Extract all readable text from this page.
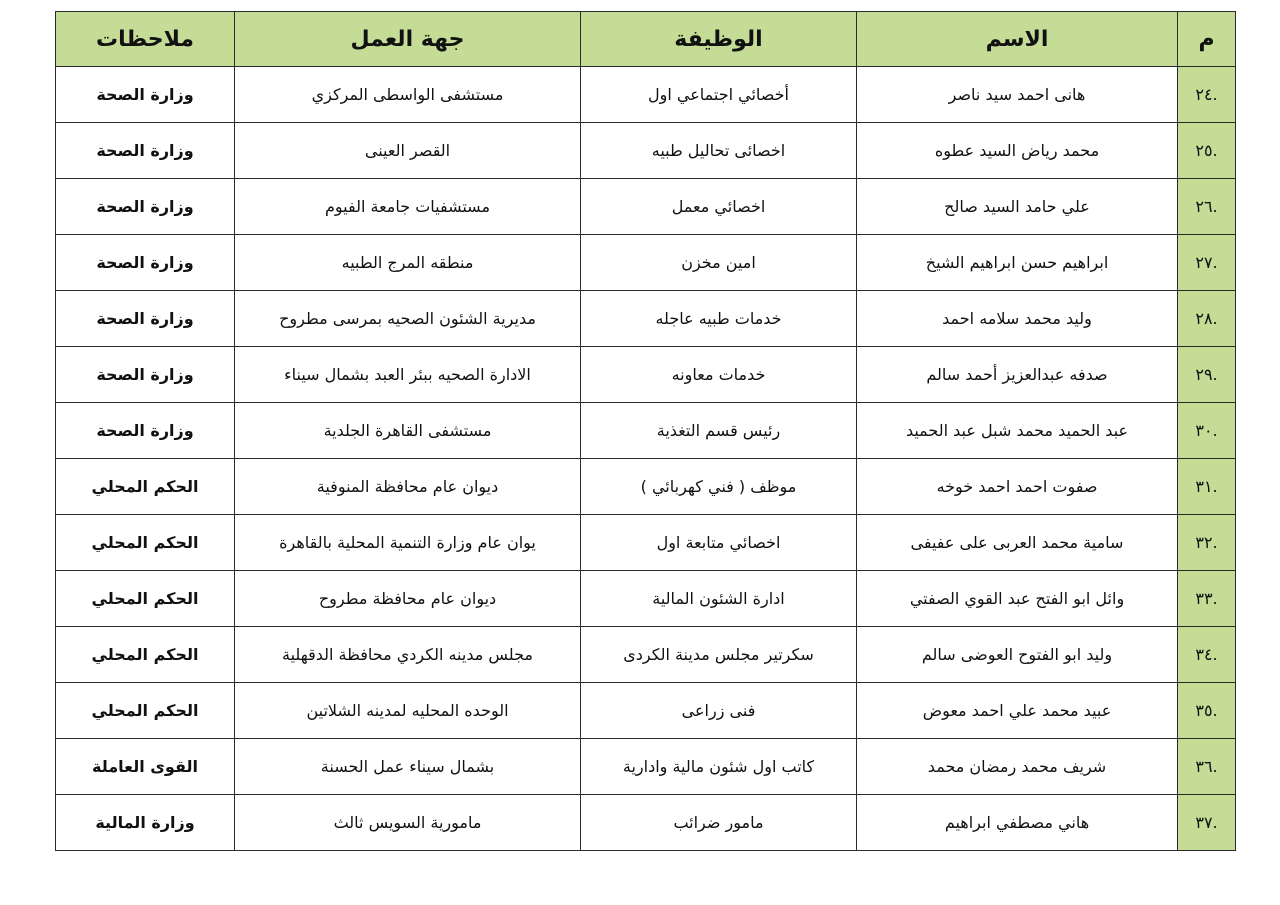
م	الاسم	الوظيفة	جهة العمل	ملاحظات
.٢٤	هانى احمد سيد ناصر	أخصائي اجتماعي اول	مستشفى الواسطى المركزي	وزارة الصحة
.٢٥	محمد رياض السيد عطوه	اخصائى تحاليل طبيه	القصر العينى	وزارة الصحة
.٢٦	علي حامد السيد صالح	اخصائي معمل	مستشفيات جامعة الفيوم	وزارة الصحة
.٢٧	ابراهيم حسن ابراهيم الشيخ	امين مخزن	منطقه المرج الطبيه	وزارة الصحة
.٢٨	وليد محمد سلامه احمد	خدمات طبيه عاجله	مديرية الشئون الصحيه بمرسى مطروح	وزارة الصحة
.٢٩	صدفه عبدالعزيز أحمد سالم	خدمات معاونه	الادارة الصحيه ببئر العبد بشمال سيناء	وزارة الصحة
.٣٠	عبد الحميد محمد شبل عبد الحميد	رئيس قسم التغذية	مستشفى القاهرة الجلدية	وزارة الصحة
.٣١	صفوت احمد احمد خوخه	موظف ( فني كهربائي )	ديوان عام محافظة المنوفية	الحكم المحلي
.٣٢	سامية محمد العربى على عفيفى	اخصائي متابعة اول	يوان عام وزارة التنمية المحلية بالقاهرة	الحكم المحلي
.٣٣	وائل ابو الفتح عبد القوي الصفتي	ادارة الشئون المالية	ديوان عام محافظة مطروح	الحكم المحلي
.٣٤	وليد ابو الفتوح العوضى سالم	سكرتير مجلس مدينة الكردى	مجلس مدينه الكردي محافظة الدقهلية	الحكم المحلي
.٣٥	عبيد محمد علي احمد معوض	فنى زراعى	الوحده المحليه لمدينه الشلاتين	الحكم المحلي
.٣٦	شريف محمد رمضان محمد	كاتب اول شئون مالية وادارية	بشمال سيناء عمل الحسنة	القوى العاملة
.٣٧	هاني مصطفي ابراهيم	مامور ضرائب	مامورية السويس ثالث	وزارة المالية
